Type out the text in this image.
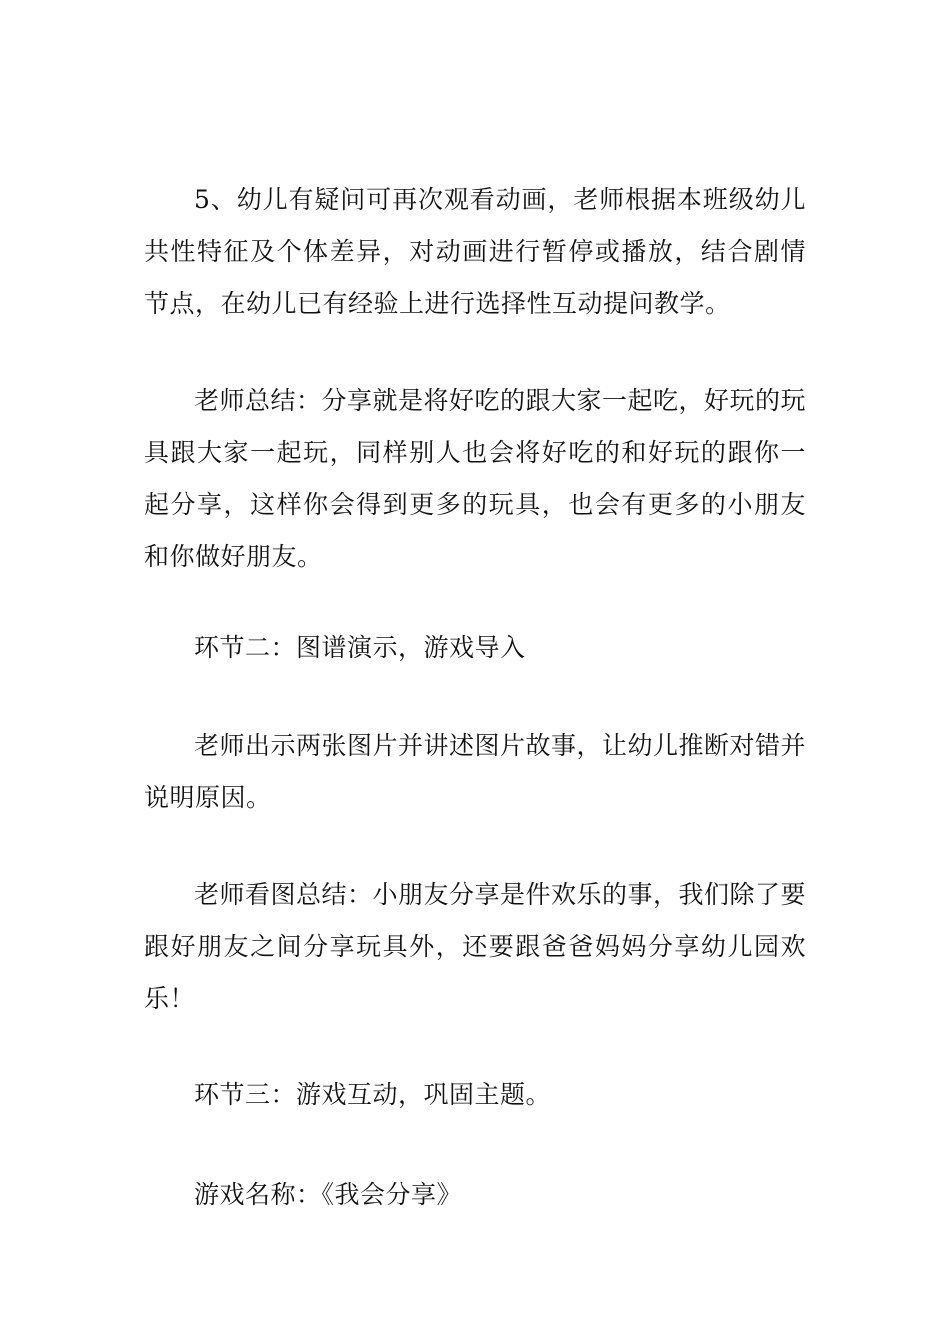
5、幼儿有疑问可再次观看动画，老师根据本班级幼儿共性特征及个体差异，对动画进行暂停或播放，结合剧情节点，在幼儿已有经验上进行选择性互动提问教学。

老师总结：分享就是将好吃的跟大家一起吃，好玩的玩具跟大家一起玩，同样别人也会将好吃的和好玩的跟你一起分享，这样你会得到更多的玩具，也会有更多的小朋友和你做好朋友。

环节二：图谱演示，游戏导入

老师出示两张图片并讲述图片故事，让幼儿推断对错并说明原因。

老师看图总结：小朋友分享是件欢乐的事，我们除了要跟好朋友之间分享玩具外，还要跟爸爸妈妈分享幼儿园欢乐！

环节三：游戏互动，巩固主题。

游戏名称：《我会分享》
